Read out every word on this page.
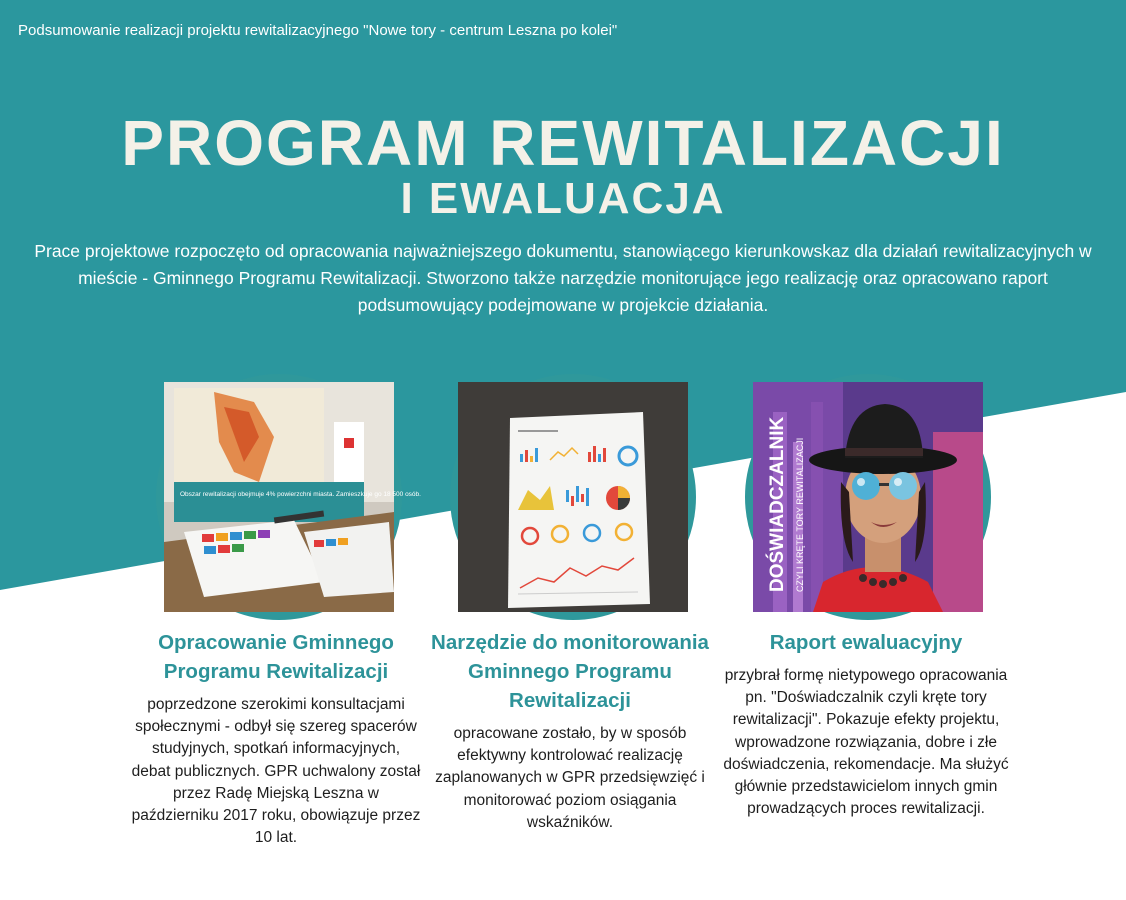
Podsumowanie realizacji projektu rewitalizacyjnego "Nowe tory - centrum Leszna po kolei"

PROGRAM REWITALIZACJI
I EWALUACJA

Prace projektowe rozpoczęto od opracowania najważniejszego dokumentu, stanowiącego kierunkowskaz dla działań rewitalizacyjnych w mieście - Gminnego Programu Rewitalizacji. Stworzono także narzędzie monitorujące jego realizację oraz opracowano raport podsumowujący podejmowane w projekcie działania.

Obszar rewitalizacji obejmuje 4% powierzchni miasta. Zamieszkuje go 18 500 osób.	DOŚWIADCZALNIK CZYLI KRĘTE TORY REWITALIZACJI
Opracowanie Gminnego Programu Rewitalizacji

poprzedzone szerokimi konsultacjami społecznymi - odbył się szereg spacerów studyjnych, spotkań informacyjnych, debat publicznych. GPR uchwalony został przez Radę Miejską Leszna w październiku 2017 roku, obowiązuje przez 10 lat.

Narzędzie do monitorowania Gminnego Programu Rewitalizacji

opracowane zostało, by w sposób efektywny kontrolować realizację zaplanowanych w GPR przedsięwzięć i monitorować poziom osiągania wskaźników.

Raport ewaluacyjny

przybrał formę nietypowego opracowania pn. "Doświadczalnik czyli kręte tory rewitalizacji". Pokazuje efekty projektu, wprowadzone rozwiązania, dobre i złe doświadczenia, rekomendacje. Ma służyć głównie przedstawicielom innych gmin prowadzących proces rewitalizacji.
